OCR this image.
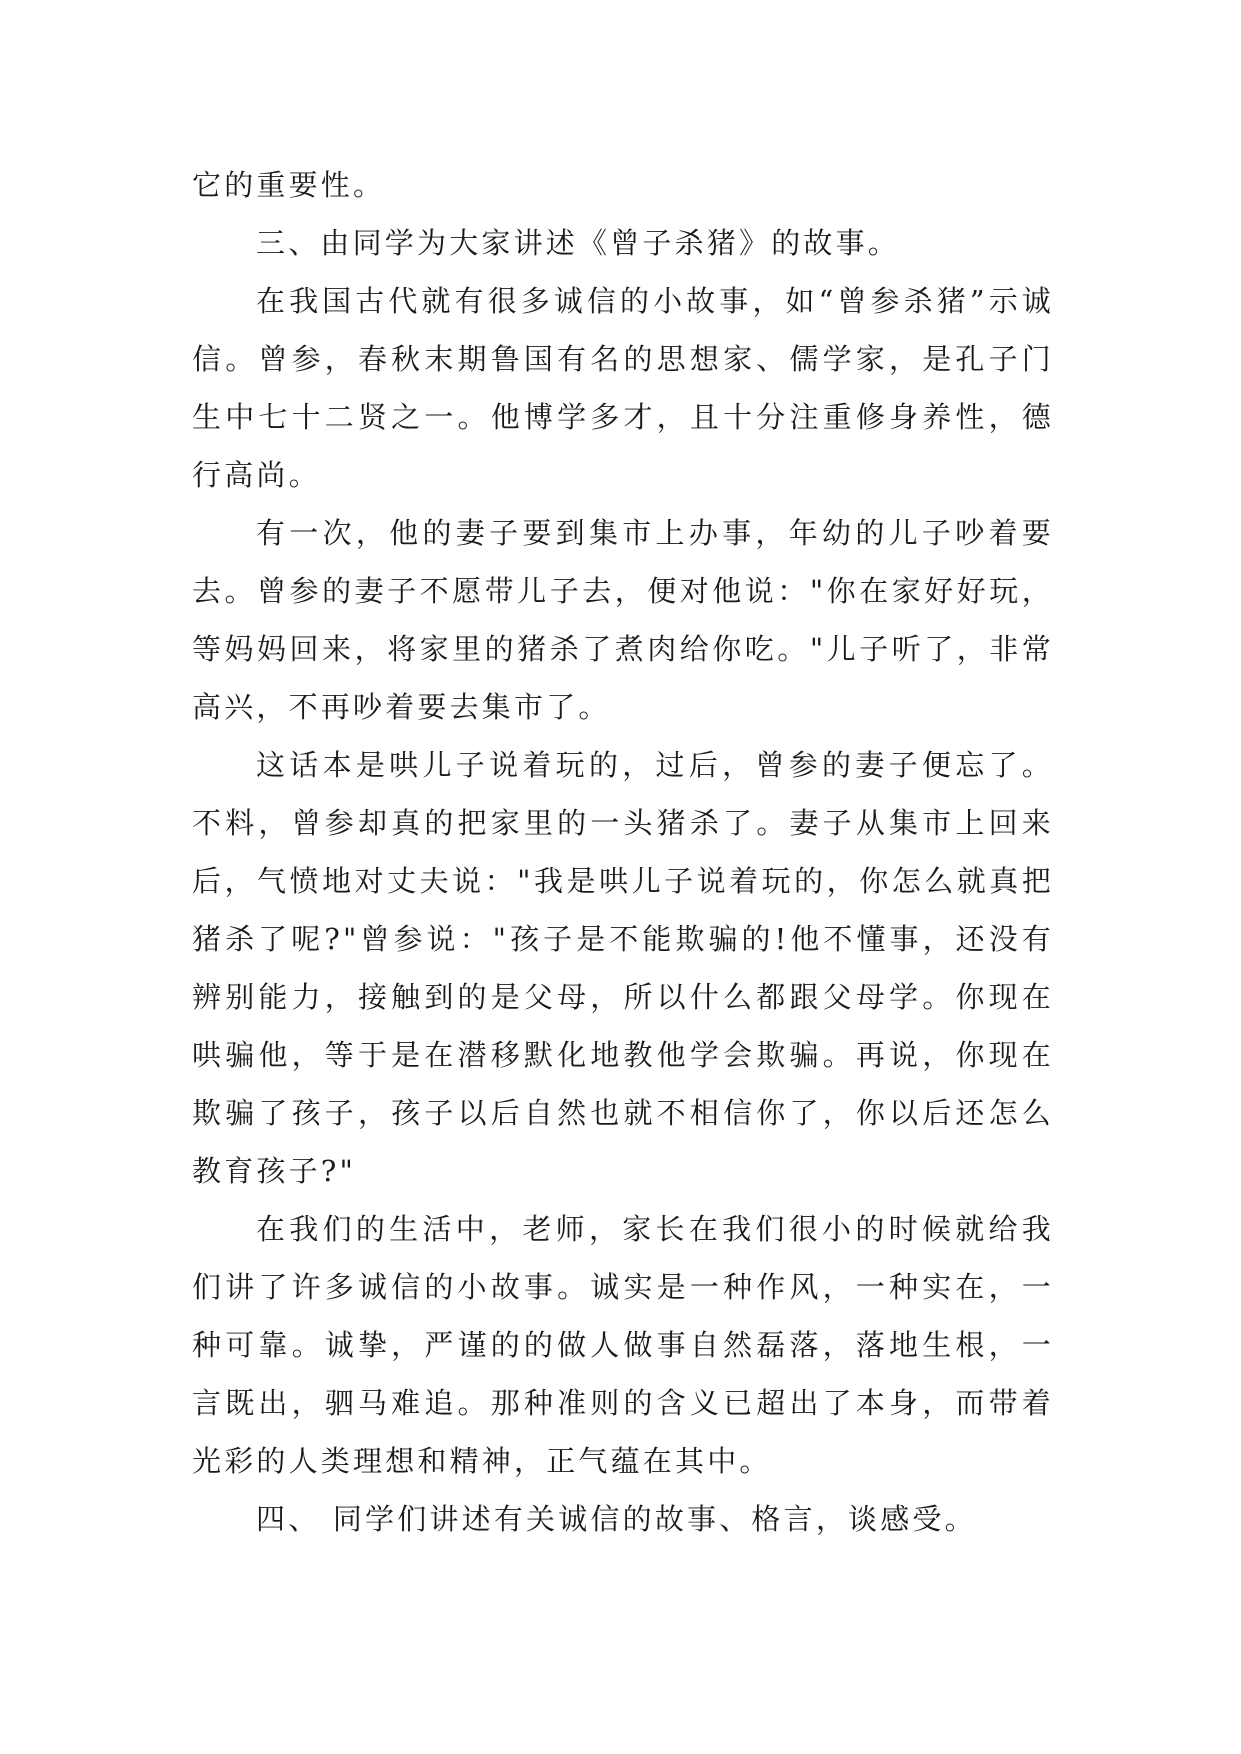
它的重要性。

三、由同学为大家讲述《曾子杀猪》的故事。

在我国古代就有很多诚信的小故事，如“曾参杀猪”示诚信。曾参，春秋末期鲁国有名的思想家、儒学家，是孔子门生中七十二贤之一。他博学多才，且十分注重修身养性，德行高尚。

有一次，他的妻子要到集市上办事，年幼的儿子吵着要去。曾参的妻子不愿带儿子去，便对他说："你在家好好玩，等妈妈回来，将家里的猪杀了煮肉给你吃。"儿子听了，非常高兴，不再吵着要去集市了。

这话本是哄儿子说着玩的，过后，曾参的妻子便忘了。不料，曾参却真的把家里的一头猪杀了。妻子从集市上回来后，气愤地对丈夫说："我是哄儿子说着玩的，你怎么就真把猪杀了呢?"曾参说："孩子是不能欺骗的!他不懂事，还没有辨别能力，接触到的是父母，所以什么都跟父母学。你现在哄骗他，等于是在潜移默化地教他学会欺骗。再说，你现在欺骗了孩子，孩子以后自然也就不相信你了，你以后还怎么教育孩子?"

在我们的生活中，老师，家长在我们很小的时候就给我们讲了许多诚信的小故事。诚实是一种作风，一种实在，一种可靠。诚挚，严谨的的做人做事自然磊落，落地生根，一言既出，驷马难追。那种准则的含义已超出了本身，而带着光彩的人类理想和精神，正气蕴在其中。

四、 同学们讲述有关诚信的故事、格言，谈感受。
